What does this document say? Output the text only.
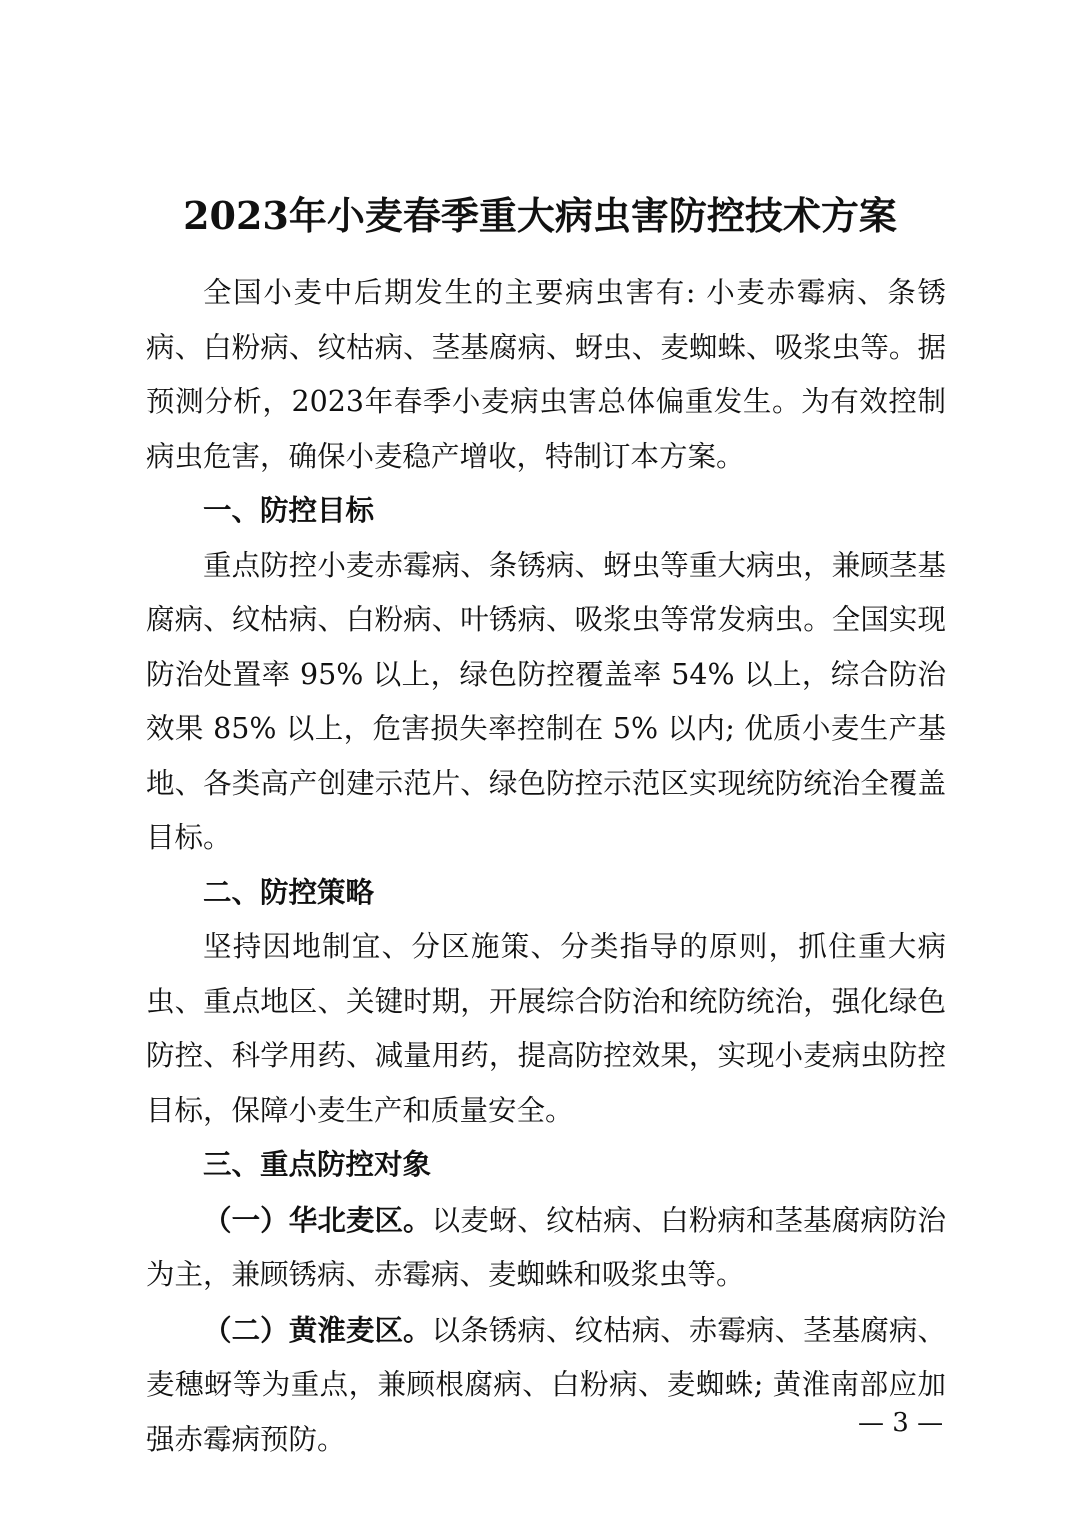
2023年小麦春季重大病虫害防控技术方案

全国小麦中后期发生的主要病虫害有: 小麦赤霉病、条锈病、白粉病、纹枯病、茎基腐病、蚜虫、麦蜘蛛、吸浆虫等。据预测分析，2023年春季小麦病虫害总体偏重发生。为有效控制病虫危害，确保小麦稳产增收，特制订本方案。

一、防控目标

重点防控小麦赤霉病、条锈病、蚜虫等重大病虫，兼顾茎基腐病、纹枯病、白粉病、叶锈病、吸浆虫等常发病虫。全国实现防治处置率 95% 以上，绿色防控覆盖率 54% 以上，综合防治效果 85% 以上，危害损失率控制在 5% 以内; 优质小麦生产基地、各类高产创建示范片、绿色防控示范区实现统防统治全覆盖目标。

二、防控策略

坚持因地制宜、分区施策、分类指导的原则，抓住重大病虫、重点地区、关键时期，开展综合防治和统防统治，强化绿色防控、科学用药、减量用药，提高防控效果，实现小麦病虫防控目标，保障小麦生产和质量安全。

三、重点防控对象

（一）华北麦区。以麦蚜、纹枯病、白粉病和茎基腐病防治为主，兼顾锈病、赤霉病、麦蜘蛛和吸浆虫等。

（二）黄淮麦区。以条锈病、纹枯病、赤霉病、茎基腐病、麦穗蚜等为重点，兼顾根腐病、白粉病、麦蜘蛛; 黄淮南部应加强赤霉病预防。	— 3 —
